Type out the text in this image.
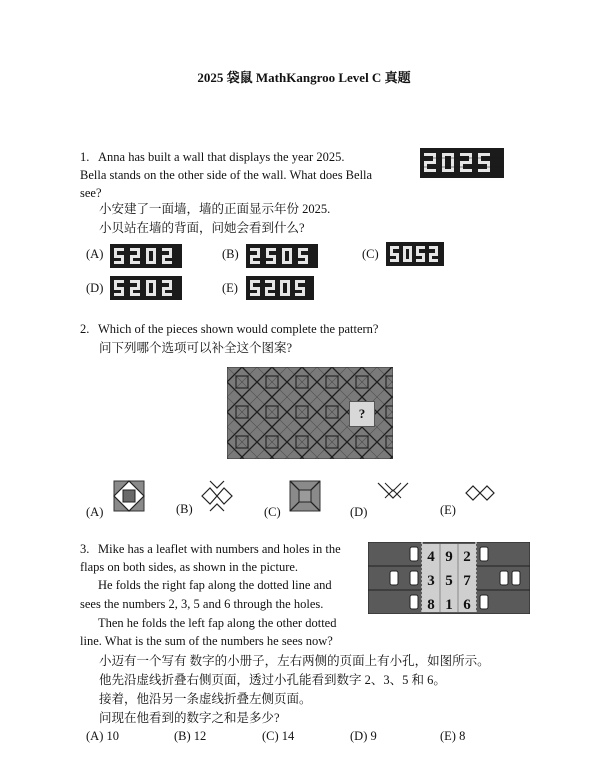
2025 袋鼠 MathKangroo Level C 真题
1. Anna has built a wall that displays the year 2025.
Bella stands on the other side of the wall. What does Bella
see?
小安建了一面墙，墙的正面显示年份 2025.
小贝站在墙的背面，问她会看到什么?
(A)	(B)	(C)
(D)	(E)
2. Which of the pieces shown would complete the pattern?
问下列哪个选项可以补全这个图案?
?
(A)	(B)	(C)	(D)	(E)
3. Mike has a leaflet with numbers and holes in the
flaps on both sides, as shown in the picture.
He folds the right fap along the dotted line and
sees the numbers 2, 3, 5 and 6 through the holes.
Then he folds the left fap along the other dotted
line. What is the sum of the numbers he sees now?
小迈有一个写有 数字的小册子，左右两侧的页面上有小孔，如图所示。
他先沿虚线折叠右侧页面，透过小孔能看到数字 2、3、5 和 6。
接着，他沿另一条虚线折叠左侧页面。
问现在他看到的数字之和是多少?
4 9 2
3 5 7
8 1 6
(A) 10	(B) 12	(C) 14	(D) 9	(E) 8
